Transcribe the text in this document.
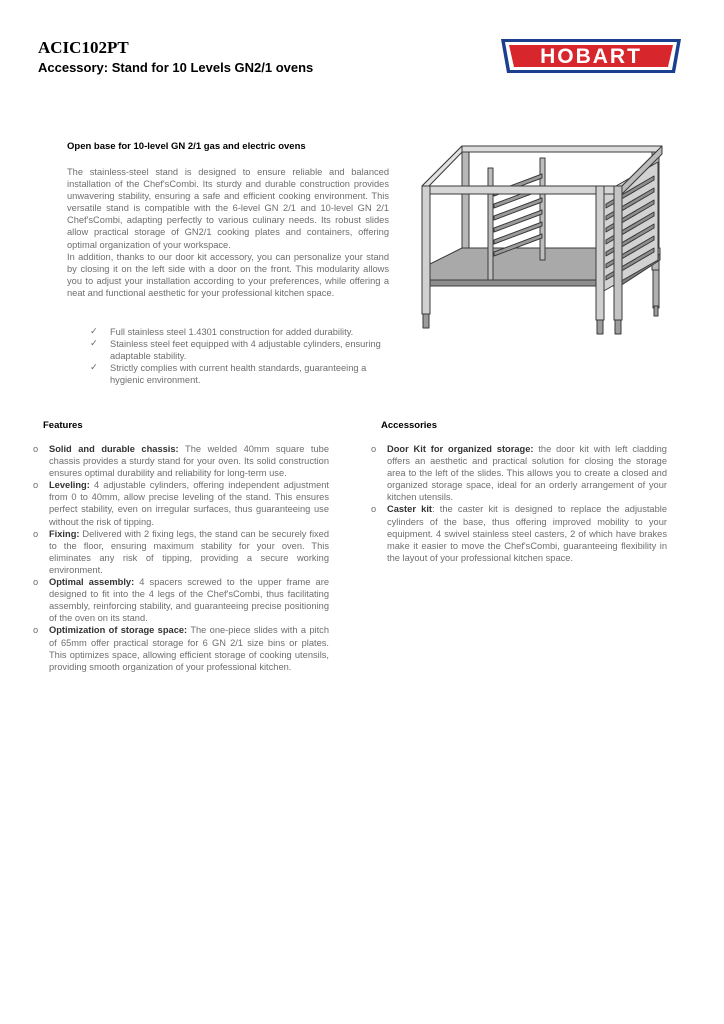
ACIC102PT
Accessory: Stand for 10 Levels GN2/1 ovens	HOBART
Open base for 10-level GN 2/1 gas and electric ovens

The stainless-steel stand is designed to ensure reliable and balanced installation of the Chef'sCombi. Its sturdy and durable construction provides unwavering stability, ensuring a safe and efficient cooking environment. This versatile stand is compatible with the 6-level GN 2/1 and 10-level GN 2/1 Chef'sCombi, adapting perfectly to various culinary needs. Its robust slides allow practical storage of GN2/1 cooking plates and containers, offering optimal organization of your workspace.

In addition, thanks to our door kit accessory, you can personalize your stand by closing it on the left side with a door on the front. This modularity allows you to adjust your installation according to your preferences, while offering a neat and functional aesthetic for your professional kitchen space.

✓ Full stainless steel 1.4301 construction for added durability.
✓ Stainless steel feet equipped with 4 adjustable cylinders, ensuring adaptable stability.
✓ Strictly complies with current health standards, guaranteeing a hygienic environment.
Features
o Solid and durable chassis: The welded 40mm square tube chassis provides a sturdy stand for your oven. Its solid construction ensures optimal durability and reliability for long-term use.
o Leveling: 4 adjustable cylinders, offering independent adjustment from 0 to 40mm, allow precise leveling of the stand. This ensures perfect stability, even on irregular surfaces, thus guaranteeing use without the risk of tipping.
o Fixing: Delivered with 2 fixing legs, the stand can be securely fixed to the floor, ensuring maximum stability for your oven. This eliminates any risk of tipping, providing a secure working environment.
o Optimal assembly: 4 spacers screwed to the upper frame are designed to fit into the 4 legs of the Chef'sCombi, thus facilitating assembly, reinforcing stability, and guaranteeing precise positioning of the oven on its stand.
o Optimization of storage space: The one-piece slides with a pitch of 65mm offer practical storage for 6 GN 2/1 size bins or plates. This optimizes space, allowing efficient storage of cooking utensils, providing smooth organization of your professional kitchen.
Accessories
o Door Kit for organized storage: the door kit with left cladding offers an aesthetic and practical solution for closing the storage area to the left of the slides. This allows you to create a closed and organized storage space, ideal for an orderly arrangement of your kitchen utensils.
o Caster kit: the caster kit is designed to replace the adjustable cylinders of the base, thus offering improved mobility to your equipment. 4 swivel stainless steel casters, 2 of which have brakes make it easier to move the Chef'sCombi, guaranteeing flexibility in the layout of your professional kitchen space.
